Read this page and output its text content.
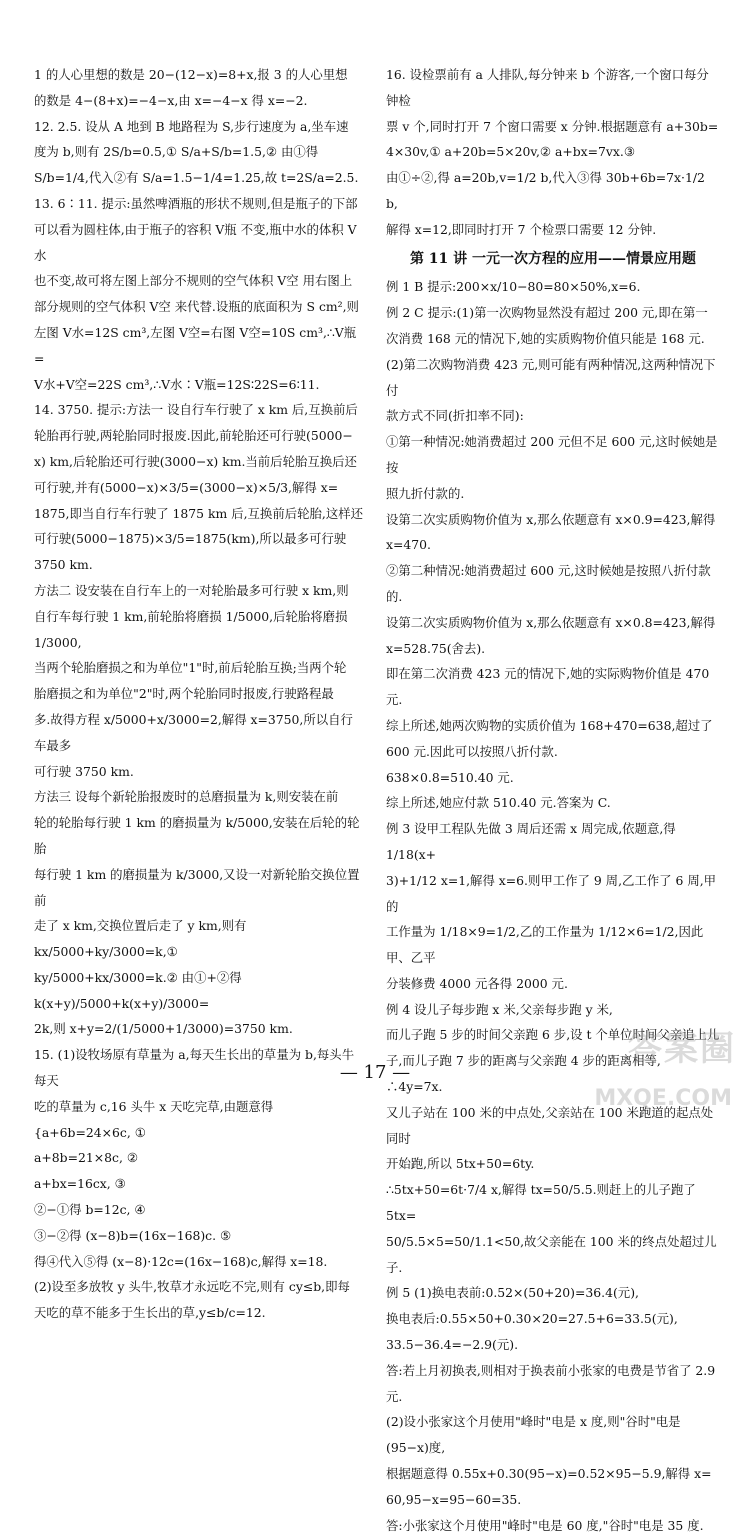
1 的人心里想的数是 20−(12−x)=8+x,报 3 的人心里想
的数是 4−(8+x)=−4−x,由 x=−4−x 得 x=−2.
12. 2.5. 设从 A 地到 B 地路程为 S,步行速度为 a,坐车速
度为 b,则有 2S/b=0.5,① S/a+S/b=1.5,② 由①得
S/b=1/4,代入②有 S/a=1.5−1/4=1.25,故 t=2S/a=2.5.
13. 6∶11. 提示:虽然啤酒瓶的形状不规则,但是瓶子的下部
可以看为圆柱体,由于瓶子的容积 V瓶 不变,瓶中水的体积 V水
也不变,故可将左图上部分不规则的空气体积 V空 用右图上
部分规则的空气体积 V空 来代替.设瓶的底面积为 S cm²,则
左图 V水=12S cm³,左图 V空=右图 V空=10S cm³,∴V瓶=
V水+V空=22S cm³,∴V水∶V瓶=12S∶22S=6∶11.
14. 3750. 提示:方法一 设自行车行驶了 x km 后,互换前后
轮胎再行驶,两轮胎同时报废.因此,前轮胎还可行驶(5000−
x) km,后轮胎还可行驶(3000−x) km.当前后轮胎互换后还
可行驶,并有(5000−x)×3/5=(3000−x)×5/3,解得 x=
1875,即当自行车行驶了 1875 km 后,互换前后轮胎,这样还
可行驶(5000−1875)×3/5=1875(km),所以最多可行驶
3750 km.
方法二 设安装在自行车上的一对轮胎最多可行驶 x km,则
自行车每行驶 1 km,前轮胎将磨损 1/5000,后轮胎将磨损 1/3000,
当两个轮胎磨损之和为单位"1"时,前后轮胎互换;当两个轮
胎磨损之和为单位"2"时,两个轮胎同时报废,行驶路程最
多.故得方程 x/5000+x/3000=2,解得 x=3750,所以自行车最多
可行驶 3750 km.
方法三 设每个新轮胎报废时的总磨损量为 k,则安装在前
轮的轮胎每行驶 1 km 的磨损量为 k/5000,安装在后轮的轮胎
每行驶 1 km 的磨损量为 k/3000,又设一对新轮胎交换位置前
走了 x km,交换位置后走了 y km,则有 kx/5000+ky/3000=k,①
ky/5000+kx/3000=k.② 由①+②得 k(x+y)/5000+k(x+y)/3000=
2k,则 x+y=2/(1/5000+1/3000)=3750 km.
15. (1)设牧场原有草量为 a,每天生长出的草量为 b,每头牛每天
吃的草量为 c,16 头牛 x 天吃完草,由题意得
{a+6b=24×6c, ①
a+8b=21×8c, ②
a+bx=16cx, ③
②−①得 b=12c, ④
③−②得 (x−8)b=(16x−168)c. ⑤
得④代入⑤得 (x−8)·12c=(16x−168)c,解得 x=18.
(2)设至多放牧 y 头牛,牧草才永远吃不完,则有 cy≤b,即每
天吃的草不能多于生长出的草,y≤b/c=12.
16. 设检票前有 a 人排队,每分钟来 b 个游客,一个窗口每分钟检
票 v 个,同时打开 7 个窗口需要 x 分钟.根据题意有 a+30b=
4×30v,① a+20b=5×20v,② a+bx=7vx.③
由①÷②,得 a=20b,v=1/2 b,代入③得 30b+6b=7x·1/2 b,
解得 x=12,即同时打开 7 个检票口需要 12 分钟.
第 11 讲 一元一次方程的应用——情景应用题
例 1 B 提示:200×x/10−80=80×50%,x=6.
例 2 C 提示:(1)第一次购物显然没有超过 200 元,即在第一
次消费 168 元的情况下,她的实质购物价值只能是 168 元.
(2)第二次购物消费 423 元,则可能有两种情况,这两种情况下付
款方式不同(折扣率不同):
①第一种情况:她消费超过 200 元但不足 600 元,这时候她是按
照九折付款的.
设第二次实质购物价值为 x,那么依题意有 x×0.9=423,解得
x=470.
②第二种情况:她消费超过 600 元,这时候她是按照八折付款的.
设第二次实质购物价值为 x,那么依题意有 x×0.8=423,解得
x=528.75(舍去).
即在第二次消费 423 元的情况下,她的实际购物价值是 470 元.
综上所述,她两次购物的实质价值为 168+470=638,超过了
600 元.因此可以按照八折付款.
638×0.8=510.40 元.
综上所述,她应付款 510.40 元.答案为 C.
例 3 设甲工程队先做 3 周后还需 x 周完成,依题意,得 1/18(x+
3)+1/12 x=1,解得 x=6.则甲工作了 9 周,乙工作了 6 周,甲的
工作量为 1/18×9=1/2,乙的工作量为 1/12×6=1/2,因此甲、乙平
分装修费 4000 元各得 2000 元.
例 4 设儿子每步跑 x 米,父亲每步跑 y 米,
而儿子跑 5 步的时间父亲跑 6 步,设 t 个单位时间父亲追上儿
子,而儿子跑 7 步的距离与父亲跑 4 步的距离相等, ∴4y=7x.
又儿子站在 100 米的中点处,父亲站在 100 米跑道的起点处同时
开始跑,所以 5tx+50=6ty.
∴5tx+50=6t·7/4 x,解得 tx=50/5.5.则赶上的儿子跑了 5tx=
50/5.5×5=50/1.1<50,故父亲能在 100 米的终点处超过儿子.
例 5 (1)换电表前:0.52×(50+20)=36.4(元),
换电表后:0.55×50+0.30×20=27.5+6=33.5(元),
33.5−36.4=−2.9(元).
答:若上月初换表,则相对于换表前小张家的电费是节省了 2.9 元.
(2)设小张家这个月使用"峰时"电是 x 度,则"谷时"电是(95−x)度,
根据题意得 0.55x+0.30(95−x)=0.52×95−5.9,解得 x=
60,95−x=95−60=35.
答:小张家这个月使用"峰时"电是 60 度,"谷时"电是 35 度.
— 17 —
答案圈
MXQE.COM
